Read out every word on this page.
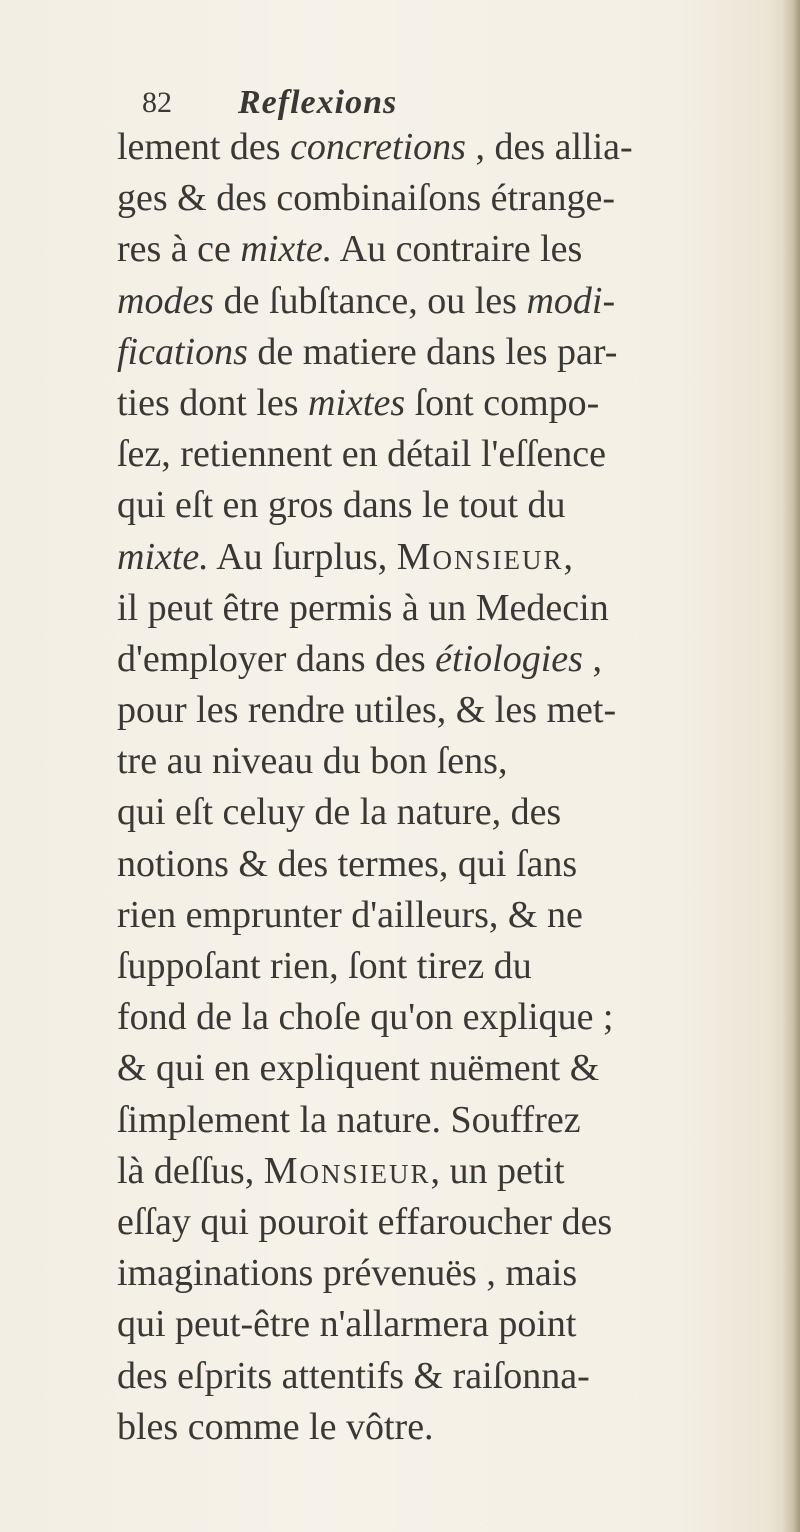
82 Reflexions
lement des concretions , des allia-
ges & des combinaiſons étrange-
res à ce mixte. Au contraire les
modes de ſubſtance, ou les modi-
fications de matiere dans les par-
ties dont les mixtes ſont compo-
ſez, retiennent en détail l'eſſence
qui eſt en gros dans le tout du
mixte. Au ſurplus, Monsieur,
il peut être permis à un Medecin
d'employer dans des étiologies ,
pour les rendre utiles, & les met-
tre au niveau du bon ſens,
qui eſt celuy de la nature, des
notions & des termes, qui ſans
rien emprunter d'ailleurs, & ne
ſuppoſant rien, ſont tirez du
fond de la choſe qu'on explique ;
& qui en expliquent nuëment &
ſimplement la nature. Souffrez
là deſſus, Monsieur, un petit
eſſay qui pouroit effaroucher des
imaginations prévenuës , mais
qui peut-être n'allarmera point
des eſprits attentifs & raiſonna-
bles comme le vôtre.
